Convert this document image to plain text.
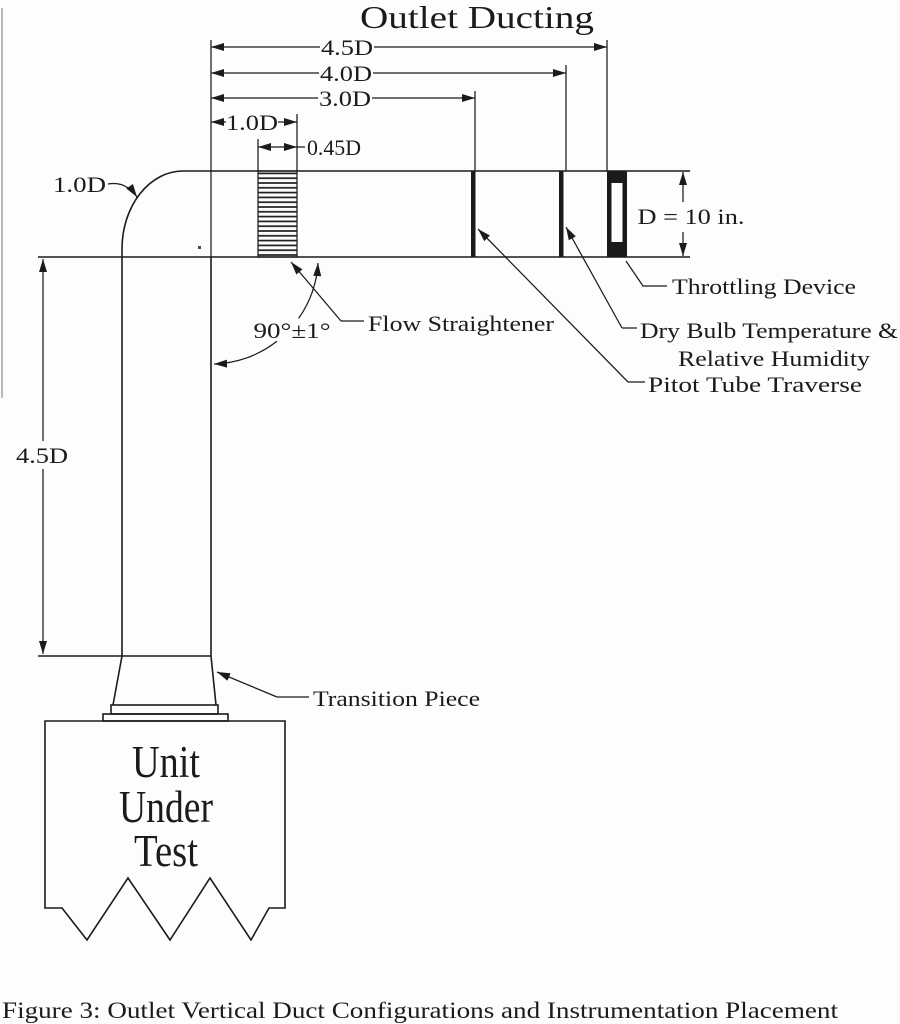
Outlet Ducting
4.5D
4.0D
3.0D
1.0D
0.45D
1.0D
4.5D
90°±1°
D = 10 in.
Flow Straightener
Throttling Device
Dry Bulb Temperature &
Relative Humidity
Pitot Tube Traverse
Transition Piece
Unit
Under
Test
Figure 3: Outlet Vertical Duct Configurations and Instrumentation Placement
